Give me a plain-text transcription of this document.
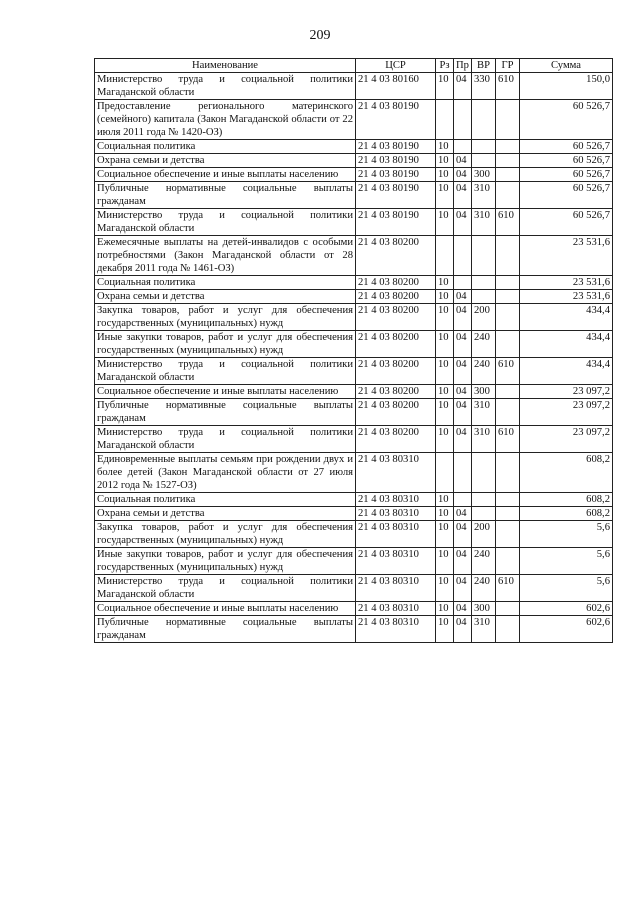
209
Наименование	ЦСР	Рз	Пр	ВР	ГР	Сумма
Министерство труда и социальной политики Магаданской области	21 4 03 80160	10	04	330	610	150,0
Предоставление регионального материнского (семейного) капитала (Закон Магаданской области от 22 июля 2011 года № 1420-ОЗ)	21 4 03 80190					60 526,7
Социальная политика	21 4 03 80190	10				60 526,7
Охрана семьи и детства	21 4 03 80190	10	04			60 526,7
Социальное обеспечение и иные выплаты населению	21 4 03 80190	10	04	300		60 526,7
Публичные нормативные социальные выплаты гражданам	21 4 03 80190	10	04	310		60 526,7
Министерство труда и социальной политики Магаданской области	21 4 03 80190	10	04	310	610	60 526,7
Ежемесячные выплаты на детей-инвалидов с особыми потребностями (Закон Магаданской области от 28 декабря 2011 года № 1461-ОЗ)	21 4 03 80200					23 531,6
Социальная политика	21 4 03 80200	10				23 531,6
Охрана семьи и детства	21 4 03 80200	10	04			23 531,6
Закупка товаров, работ и услуг для обеспечения государственных (муниципальных) нужд	21 4 03 80200	10	04	200		434,4
Иные закупки товаров, работ и услуг для обеспечения государственных (муниципальных) нужд	21 4 03 80200	10	04	240		434,4
Министерство труда и социальной политики Магаданской области	21 4 03 80200	10	04	240	610	434,4
Социальное обеспечение и иные выплаты населению	21 4 03 80200	10	04	300		23 097,2
Публичные нормативные социальные выплаты гражданам	21 4 03 80200	10	04	310		23 097,2
Министерство труда и социальной политики Магаданской области	21 4 03 80200	10	04	310	610	23 097,2
Единовременные выплаты семьям при рождении двух и более детей (Закон Магаданской области от 27 июля 2012 года № 1527-ОЗ)	21 4 03 80310					608,2
Социальная политика	21 4 03 80310	10				608,2
Охрана семьи и детства	21 4 03 80310	10	04			608,2
Закупка товаров, работ и услуг для обеспечения государственных (муниципальных) нужд	21 4 03 80310	10	04	200		5,6
Иные закупки товаров, работ и услуг для обеспечения государственных (муниципальных) нужд	21 4 03 80310	10	04	240		5,6
Министерство труда и социальной политики Магаданской области	21 4 03 80310	10	04	240	610	5,6
Социальное обеспечение и иные выплаты населению	21 4 03 80310	10	04	300		602,6
Публичные нормативные социальные выплаты гражданам	21 4 03 80310	10	04	310		602,6
